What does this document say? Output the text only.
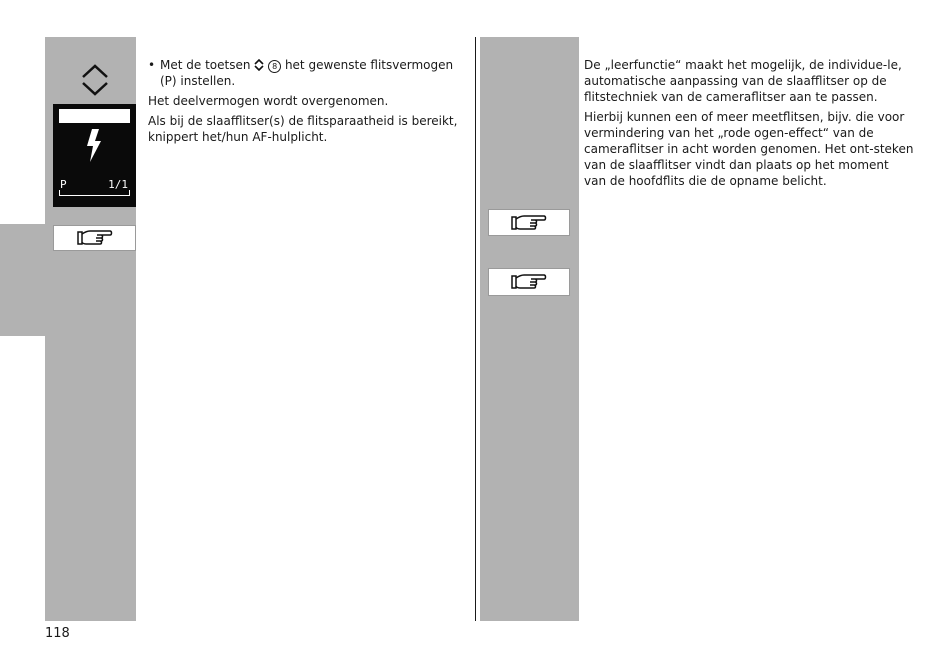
P	1/1
• Met de toetsen	8 het gewenste flitsvermogen (P) instellen.

Het deelvermogen wordt overgenomen.

Als bij de slaafflitser(s) de flitsparaatheid is bereikt, knippert het/hun AF-hulplicht.

De „leerfunctie“ maakt het mogelijk, de individue-le, automatische aanpassing van de slaafflitser op de flitstechniek van de cameraflitser aan te passen.

Hierbij kunnen een of meer meetflitsen, bijv. die voor vermindering van het „rode ogen-effect“ van de cameraflitser in acht worden genomen. Het ont-steken van de slaafflitser vindt dan plaats op het moment van de hoofdflits die de opname belicht.

118
